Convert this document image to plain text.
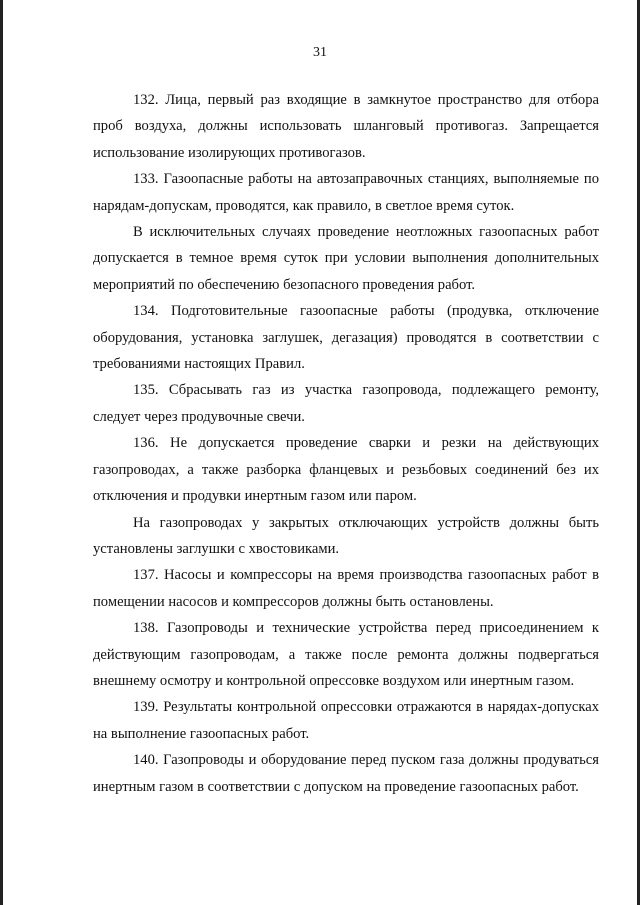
31

132. Лица, первый раз входящие в замкнутое пространство для отбора проб воздуха, должны использовать шланговый противогаз. Запрещается использование изолирующих противогазов.

133. Газоопасные работы на автозаправочных станциях, выполняемые по нарядам-допускам, проводятся, как правило, в светлое время суток.

В исключительных случаях проведение неотложных газоопасных работ допускается в темное время суток при условии выполнения дополнительных мероприятий по обеспечению безопасного проведения работ.

134. Подготовительные газоопасные работы (продувка, отключение оборудования, установка заглушек, дегазация) проводятся в соответствии с требованиями настоящих Правил.

135. Сбрасывать газ из участка газопровода, подлежащего ремонту, следует через продувочные свечи.

136. Не допускается проведение сварки и резки на действующих газопроводах, а также разборка фланцевых и резьбовых соединений без их отключения и продувки инертным газом или паром.

На газопроводах у закрытых отключающих устройств должны быть установлены заглушки с хвостовиками.

137. Насосы и компрессоры на время производства газоопасных работ в помещении насосов и компрессоров должны быть остановлены.

138. Газопроводы и технические устройства перед присоединением к действующим газопроводам, а также после ремонта должны подвергаться внешнему осмотру и контрольной опрессовке воздухом или инертным газом.

139. Результаты контрольной опрессовки отражаются в нарядах-допусках на выполнение газоопасных работ.

140. Газопроводы и оборудование перед пуском газа должны продуваться инертным газом в соответствии с допуском на проведение газоопасных работ.
